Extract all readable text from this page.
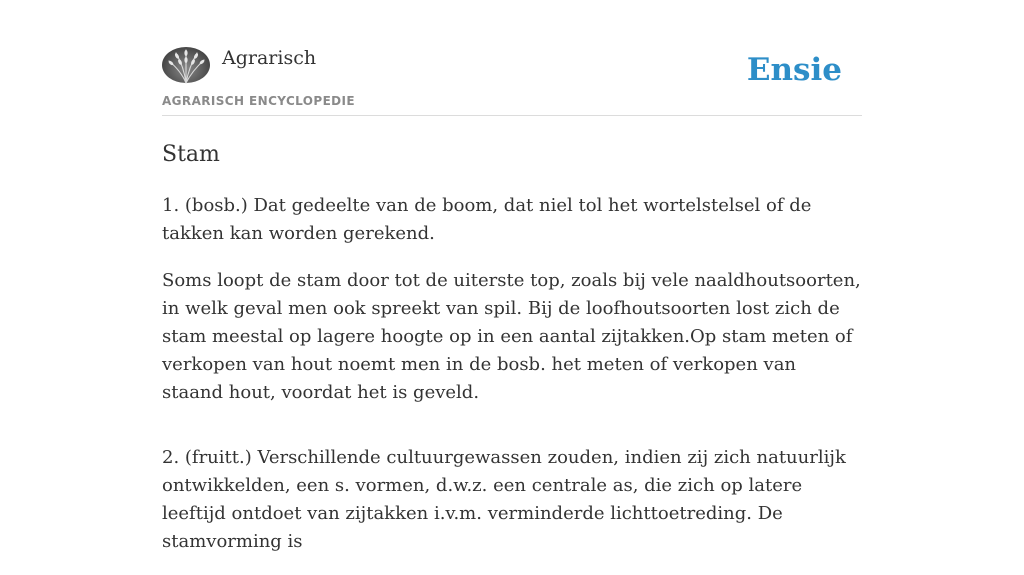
Agrarisch
AGRARISCH ENCYCLOPEDIE
Ensie
Stam

1. (bosb.) Dat gedeelte van de boom, dat niel tol het wortelstelsel of de takken kan worden gerekend.

Soms loopt de stam door tot de uiterste top, zoals bij vele naaldhoutsoorten, in welk geval men ook spreekt van spil. Bij de loofhoutsoorten lost zich de stam meestal op lagere hoogte op in een aantal zijtakken.Op stam meten of verkopen van hout noemt men in de bosb. het meten of verkopen van staand hout, voordat het is geveld.

2. (fruitt.) Verschillende cultuurgewassen zouden, indien zij zich natuurlijk ontwikkelden, een s. vormen, d.w.z. een centrale as, die zich op latere leeftijd ontdoet van zijtakken i.v.m. verminderde lichttoetreding. De stamvorming is
